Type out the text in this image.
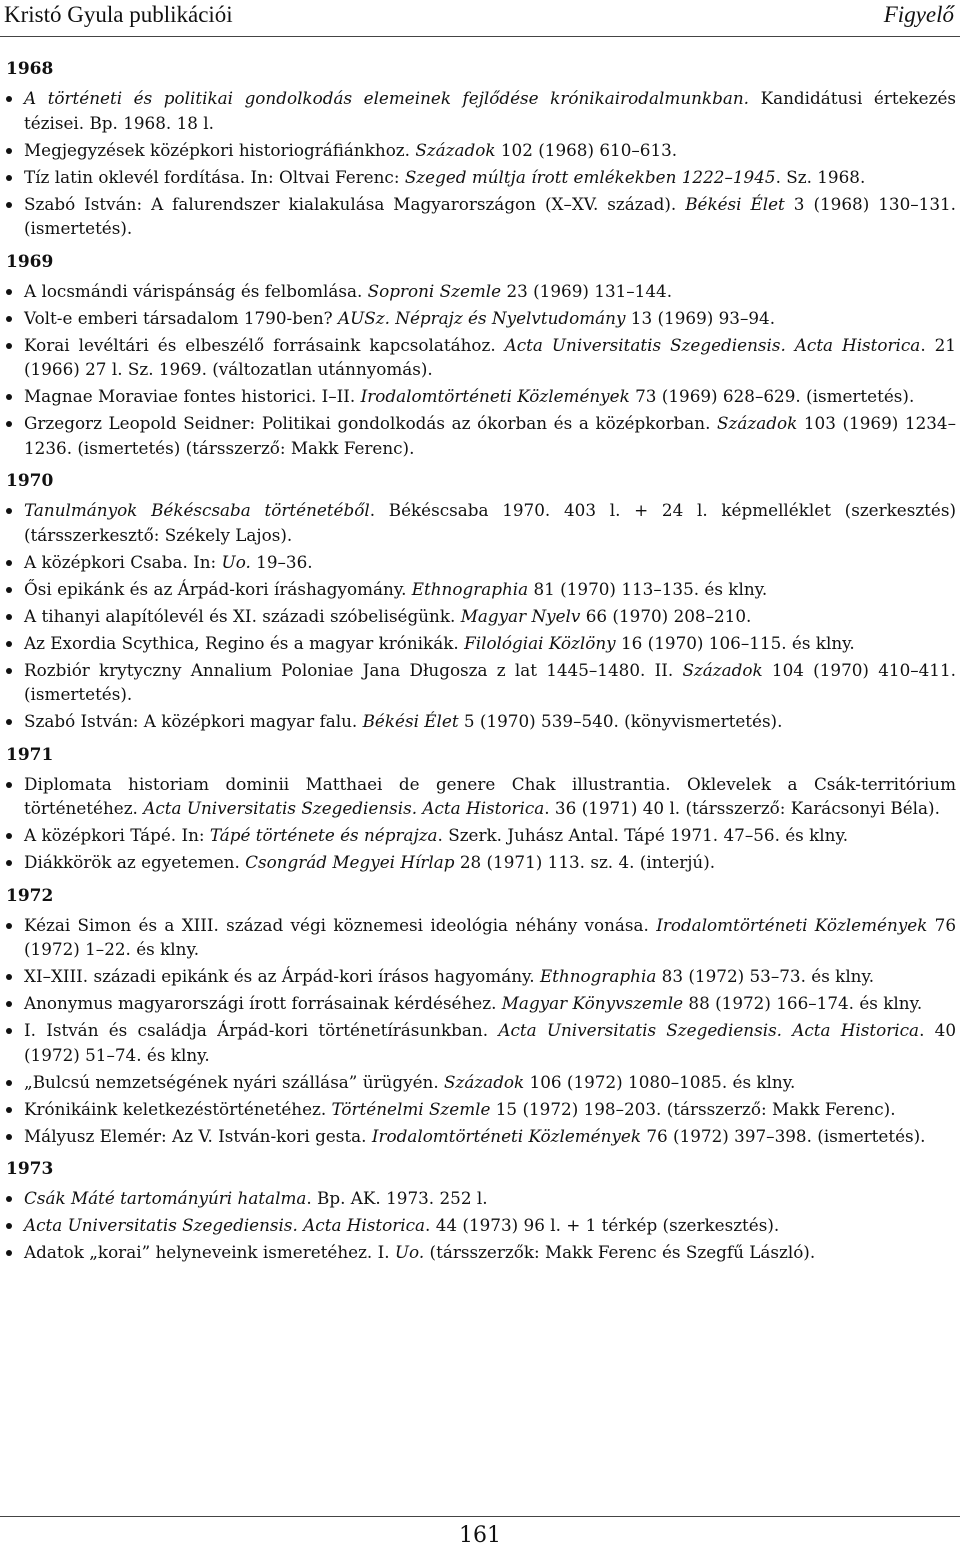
Kristó Gyula publikációi	Figyelő
1968
A történeti és politikai gondolkodás elemeinek fejlődése krónikairodalmunkban. Kandidátusi értekezés tézisei. Bp. 1968. 18 l.
Megjegyzések középkori historiográfiánkhoz. Századok 102 (1968) 610–613.
Tíz latin oklevél fordítása. In: Oltvai Ferenc: Szeged múltja írott emlékekben 1222–1945. Sz. 1968.
Szabó István: A falurendszer kialakulása Magyarországon (X–XV. század). Békési Élet 3 (1968) 130–131. (ismertetés).
1969
A locsmándi várispánság és felbomlása. Soproni Szemle 23 (1969) 131–144.
Volt-e emberi társadalom 1790-ben? AUSz. Néprajz és Nyelvtudomány 13 (1969) 93–94.
Korai levéltári és elbeszélő forrásaink kapcsolatához. Acta Universitatis Szegediensis. Acta Historica. 21 (1966) 27 l. Sz. 1969. (változatlan utánnyomás).
Magnae Moraviae fontes historici. I–II. Irodalomtörténeti Közlemények 73 (1969) 628–629. (ismertetés).
Grzegorz Leopold Seidner: Politikai gondolkodás az ókorban és a középkorban. Századok 103 (1969) 1234–1236. (ismertetés) (társszerző: Makk Ferenc).
1970
Tanulmányok Békéscsaba történetéből. Békéscsaba 1970. 403 l. + 24 l. képmelléklet (szerkesztés) (társszerkesztő: Székely Lajos).
A középkori Csaba. In: Uo. 19–36.
Ősi epikánk és az Árpád-kori íráshagyomány. Ethnographia 81 (1970) 113–135. és klny.
A tihanyi alapítólevél és XI. századi szóbeliségünk. Magyar Nyelv 66 (1970) 208–210.
Az Exordia Scythica, Regino és a magyar krónikák. Filológiai Közlöny 16 (1970) 106–115. és klny.
Rozbiór krytyczny Annalium Poloniae Jana Długosza z lat 1445–1480. II. Századok 104 (1970) 410–411. (ismertetés).
Szabó István: A középkori magyar falu. Békési Élet 5 (1970) 539–540. (könyvismertetés).
1971
Diplomata historiam dominii Matthaei de genere Chak illustrantia. Oklevelek a Csák-territórium történetéhez. Acta Universitatis Szegediensis. Acta Historica. 36 (1971) 40 l. (társszerző: Karácsonyi Béla).
A középkori Tápé. In: Tápé története és néprajza. Szerk. Juhász Antal. Tápé 1971. 47–56. és klny.
Diákkörök az egyetemen. Csongrád Megyei Hírlap 28 (1971) 113. sz. 4. (interjú).
1972
Kézai Simon és a XIII. század végi köznemesi ideológia néhány vonása. Irodalomtörténeti Közlemények 76 (1972) 1–22. és klny.
XI–XIII. századi epikánk és az Árpád-kori írásos hagyomány. Ethnographia 83 (1972) 53–73. és klny.
Anonymus magyarországi írott forrásainak kérdéséhez. Magyar Könyvszemle 88 (1972) 166–174. és klny.
I. István és családja Árpád-kori történetírásunkban. Acta Universitatis Szegediensis. Acta Historica. 40 (1972) 51–74. és klny.
„Bulcsú nemzetségének nyári szállása” ürügyén. Századok 106 (1972) 1080–1085. és klny.
Krónikáink keletkezéstörténetéhez. Történelmi Szemle 15 (1972) 198–203. (társszerző: Makk Ferenc).
Mályusz Elemér: Az V. István-kori gesta. Irodalomtörténeti Közlemények 76 (1972) 397–398. (ismertetés).
1973
Csák Máté tartományúri hatalma. Bp. AK. 1973. 252 l.
Acta Universitatis Szegediensis. Acta Historica. 44 (1973) 96 l. + 1 térkép (szerkesztés).
Adatok „korai” helyneveink ismeretéhez. I. Uo. (társszerzők: Makk Ferenc és Szegfű László).
161
